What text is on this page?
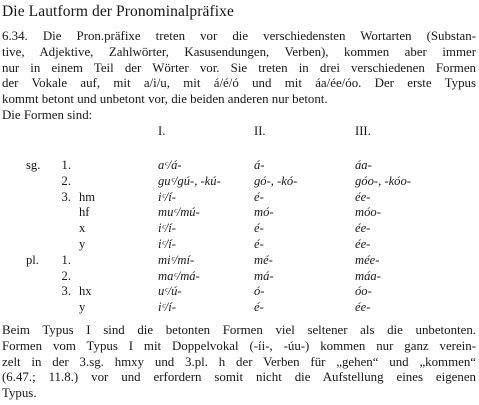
Die Lautform der Pronominalpräfixe
6.34. Die Pron.präfixe treten vor die verschiedensten Wortarten (Substan-
tive, Adjektive, Zahlwörter, Kasusendungen, Verben), kommen aber immer
nur in einem Teil der Wörter vor. Sie treten in drei verschiedenen Formen
der Vokale auf, mit a/i/u, mit á/é/ó und mit áa/ée/óo. Der erste Typus
kommt betont und unbetont vor, die beiden anderen nur betont.
Die Formen sind:
I.	II.	III.
sg.	1.	aᶜ/á-	á-	áa-
2.	guᶜ/gú-, -kú-	gó-, -kó-	góo-, -kóo-
3. hm	iᶜ/í-	é-	ée-
hf	muᶜ/mú-	mó-	móo-
x	iᶜ/í-	é-	ée-
y	iᶜ/í-	é-	ée-
pl.	1.	miᶜ/mí-	mé-	mée-
2.	maᶜ/má-	má-	máa-
3. hx	uᶜ/ú-	ó-	óo-
y	iᶜ/í-	é-	ée-
Beim Typus I sind die betonten Formen viel seltener als die unbetonten.
Formen vom Typus I mit Doppelvokal (-íi-, -úu-) kommen nur ganz verein-
zelt in der 3.sg. hmxy und 3.pl. h der Verben für „gehen“ und „kommen“
(6.47.; 11.8.) vor und erfordern somit nicht die Aufstellung eines eigenen
Typus.
